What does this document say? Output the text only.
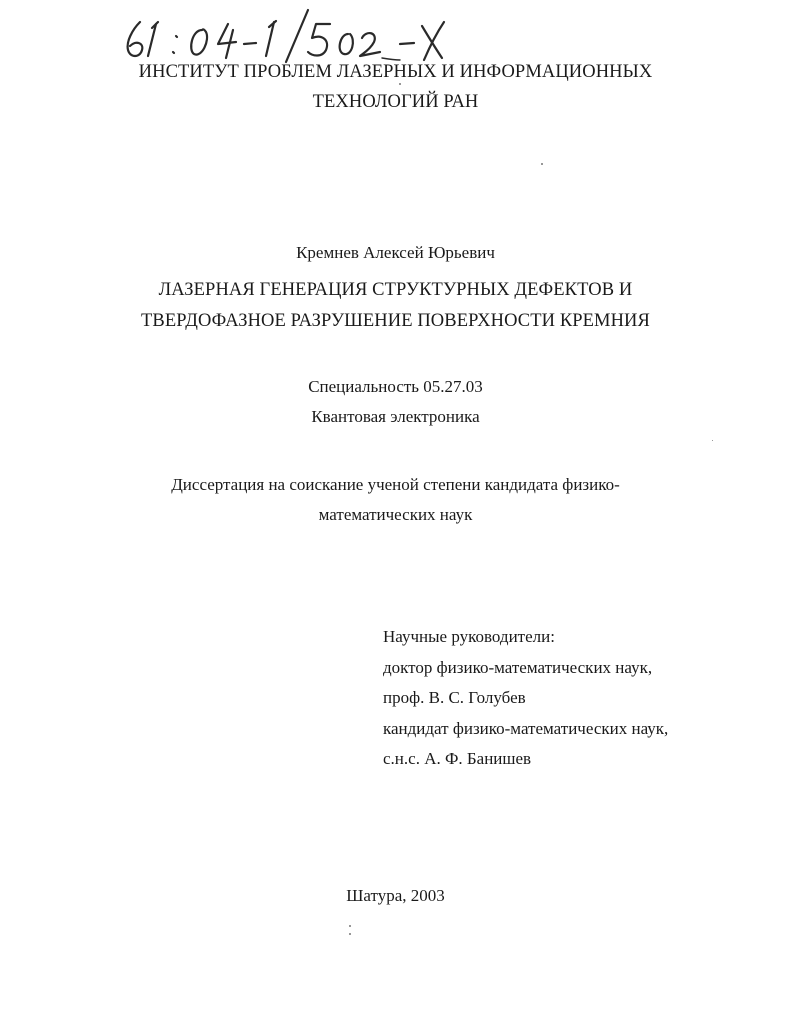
ИНСТИТУТ ПРОБЛЕМ ЛАЗЕРНЫХ И ИНФОРМАЦИОННЫХ

ТЕХНОЛОГИЙ РАН

Кремнев Алексей Юрьевич

ЛАЗЕРНАЯ ГЕНЕРАЦИЯ СТРУКТУРНЫХ ДЕФЕКТОВ И

ТВЕРДОФАЗНОЕ РАЗРУШЕНИЕ ПОВЕРХНОСТИ КРЕМНИЯ

Специальность 05.27.03

Квантовая электроника

Диссертация на соискание ученой степени кандидата физико-

математических наук

Научные руководители:
доктор физико-математических наук,
проф. В. С. Голубев
кандидат физико-математических наук,
с.н.с. А. Ф. Банишев

Шатура, 2003
